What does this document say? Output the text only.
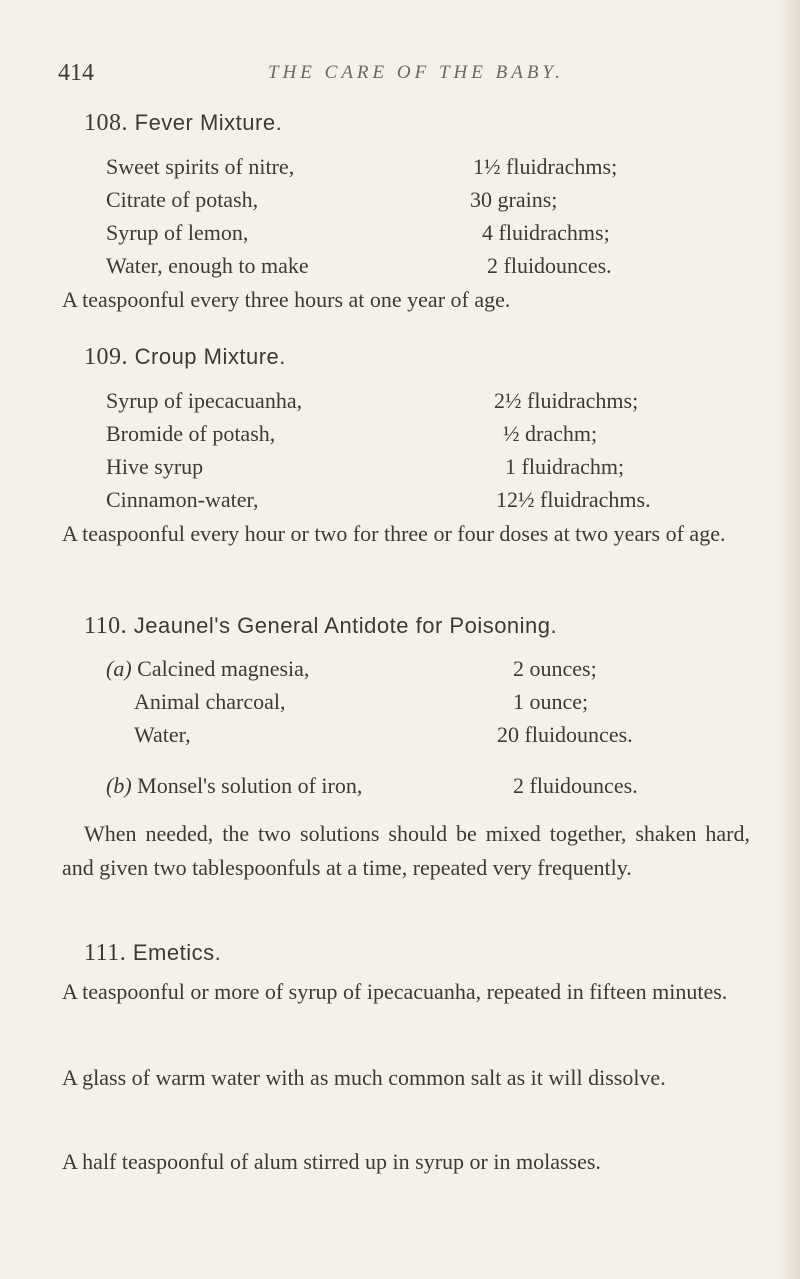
414	THE CARE OF THE BABY.
108. Fever Mixture.
Sweet spirits of nitre,	1½ fluidrachms;
Citrate of potash,	30 grains;
Syrup of lemon,	4 fluidrachms;
Water, enough to make	2 fluidounces.
A teaspoonful every three hours at one year of age.
109. Croup Mixture.
Syrup of ipecacuanha,	2½ fluidrachms;
Bromide of potash,	½ drachm;
Hive syrup	1 fluidrachm;
Cinnamon-water,	12½ fluidrachms.
A teaspoonful every hour or two for three or four doses at two years of age.
110. Jeaunel's General Antidote for Poisoning.
(a) Calcined magnesia,	2 ounces;
Animal charcoal,	1 ounce;
Water,	20 fluidounces.
(b) Monsel's solution of iron,	2 fluidounces.
When needed, the two solutions should be mixed together, shaken hard, and given two tablespoonfuls at a time, repeated very frequently.
111. Emetics.
A teaspoonful or more of syrup of ipecacuanha, repeated in fifteen minutes.
A glass of warm water with as much common salt as it will dissolve.
A half teaspoonful of alum stirred up in syrup or in molasses.
